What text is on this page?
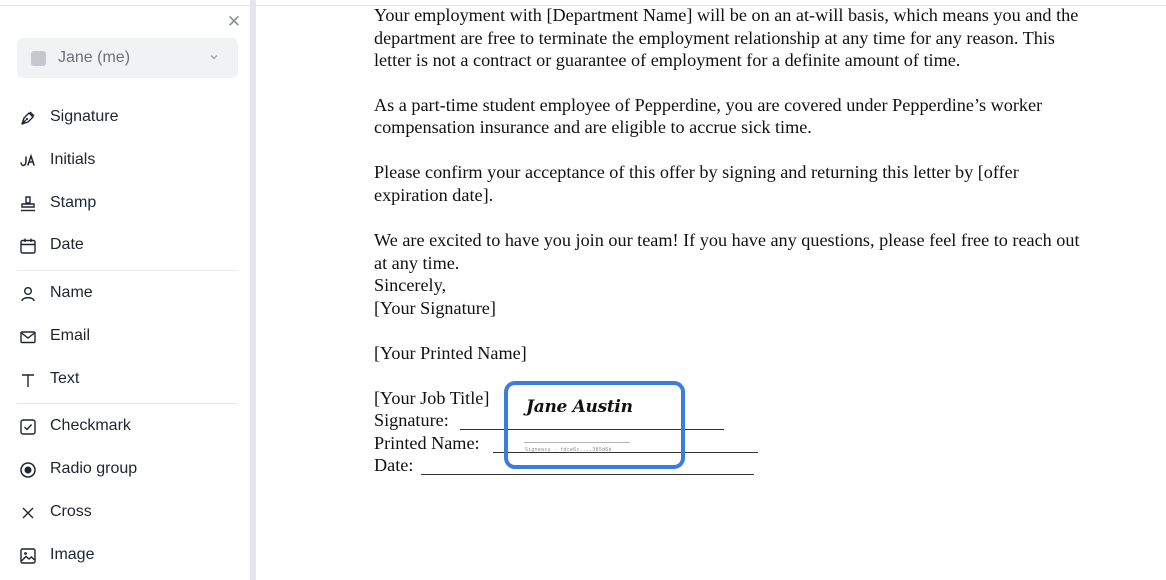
✕
Jane (me)
Signature
Initials
Stamp
Date
Name
Email
Text
Checkmark
Radio group
Cross
Image
Your employment with [Department Name] will be on an at-will basis, which means you and the
department are free to terminate the employment relationship at any time for any reason. This
letter is not a contract or guarantee of employment for a definite amount of time.
As a part-time student employee of Pepperdine, you are covered under Pepperdine’s worker
compensation insurance and are eligible to accrue sick time.
Please confirm your acceptance of this offer by signing and returning this letter by [offer
expiration date].
We are excited to have you join our team! If you have any questions, please feel free to reach out
at any time.
Sincerely,
[Your Signature]
[Your Printed Name]
[Your Job Title]
Signature:
Printed Name:
Date:
Jane Austin
Signeasy - fdce6c....385d6b
